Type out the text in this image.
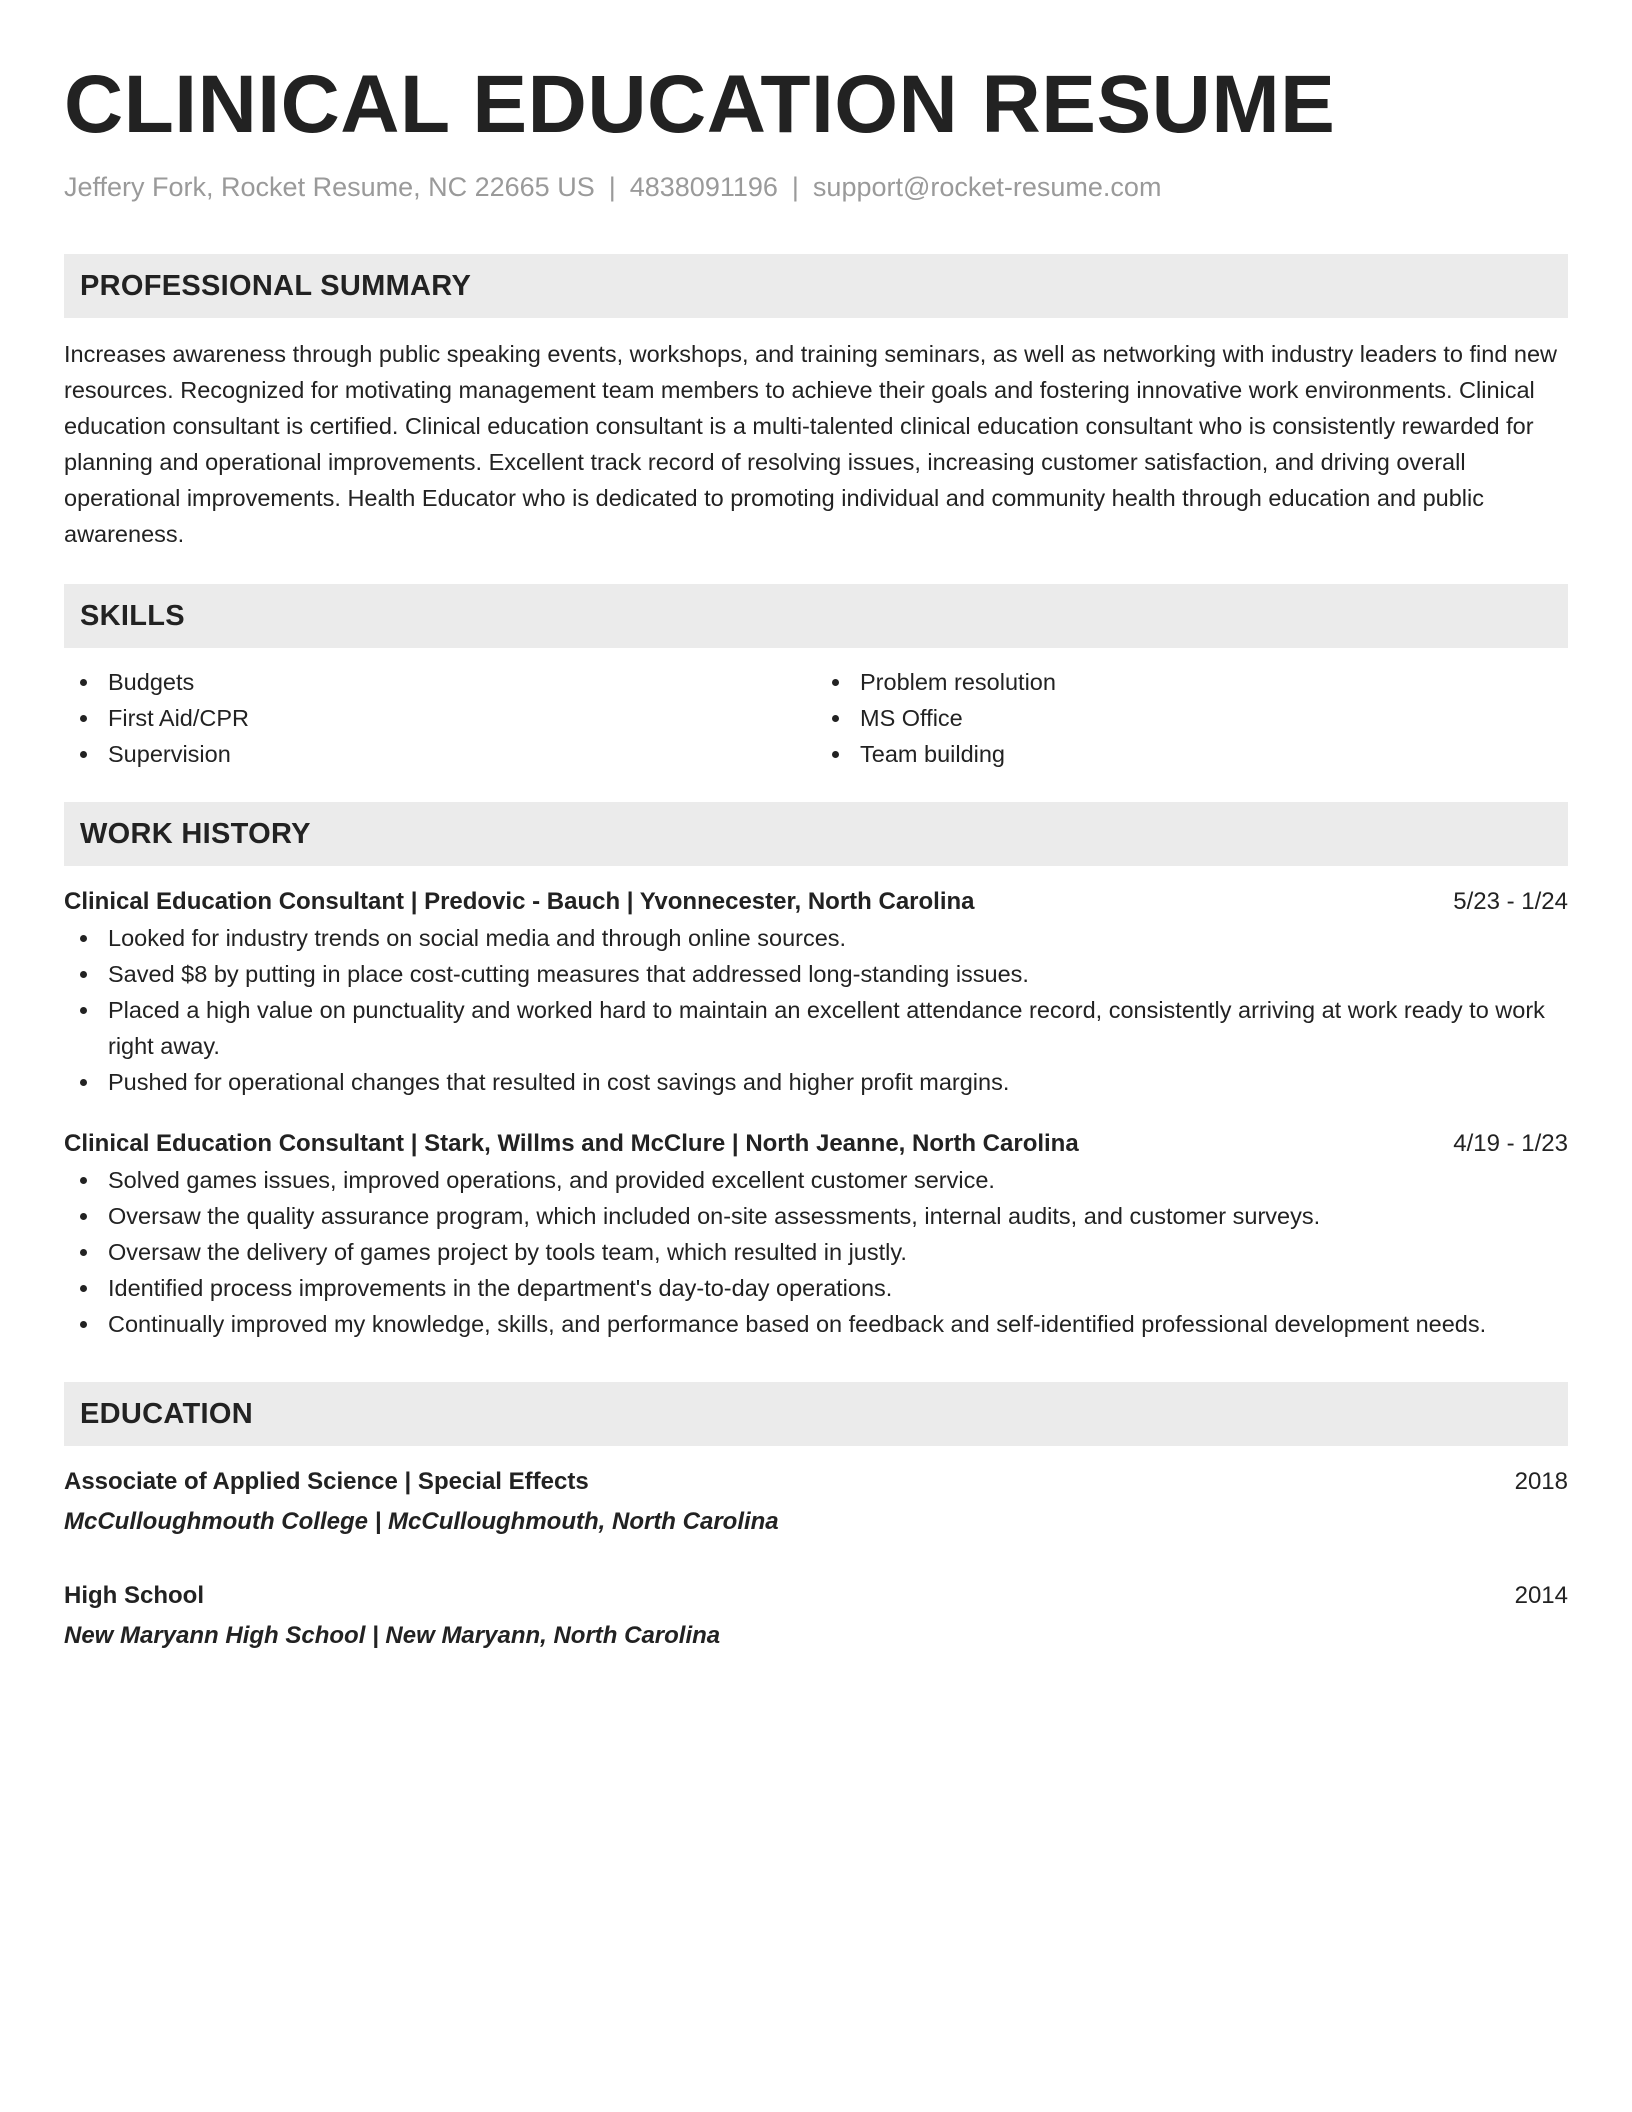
CLINICAL EDUCATION RESUME
Jeffery Fork, Rocket Resume, NC 22665 US | 4838091196 | support@rocket-resume.com
PROFESSIONAL SUMMARY

Increases awareness through public speaking events, workshops, and training seminars, as well as networking with industry leaders to find new resources. Recognized for motivating management team members to achieve their goals and fostering innovative work environments. Clinical education consultant is certified. Clinical education consultant is a multi-talented clinical education consultant who is consistently rewarded for planning and operational improvements. Excellent track record of resolving issues, increasing customer satisfaction, and driving overall operational improvements. Health Educator who is dedicated to promoting individual and community health through education and public awareness.

SKILLS
Budgets
First Aid/CPR
Supervision
Problem resolution
MS Office
Team building
WORK HISTORY
Clinical Education Consultant | Predovic - Bauch | Yvonnecester, North Carolina	5/23 - 1/24
Looked for industry trends on social media and through online sources.
Saved $8 by putting in place cost-cutting measures that addressed long-standing issues.
Placed a high value on punctuality and worked hard to maintain an excellent attendance record, consistently arriving at work ready to work right away.
Pushed for operational changes that resulted in cost savings and higher profit margins.
Clinical Education Consultant | Stark, Willms and McClure | North Jeanne, North Carolina	4/19 - 1/23
Solved games issues, improved operations, and provided excellent customer service.
Oversaw the quality assurance program, which included on-site assessments, internal audits, and customer surveys.
Oversaw the delivery of games project by tools team, which resulted in justly.
Identified process improvements in the department's day-to-day operations.
Continually improved my knowledge, skills, and performance based on feedback and self-identified professional development needs.
EDUCATION
Associate of Applied Science | Special Effects	2018
McCulloughmouth College | McCulloughmouth, North Carolina
High School	2014
New Maryann High School | New Maryann, North Carolina
